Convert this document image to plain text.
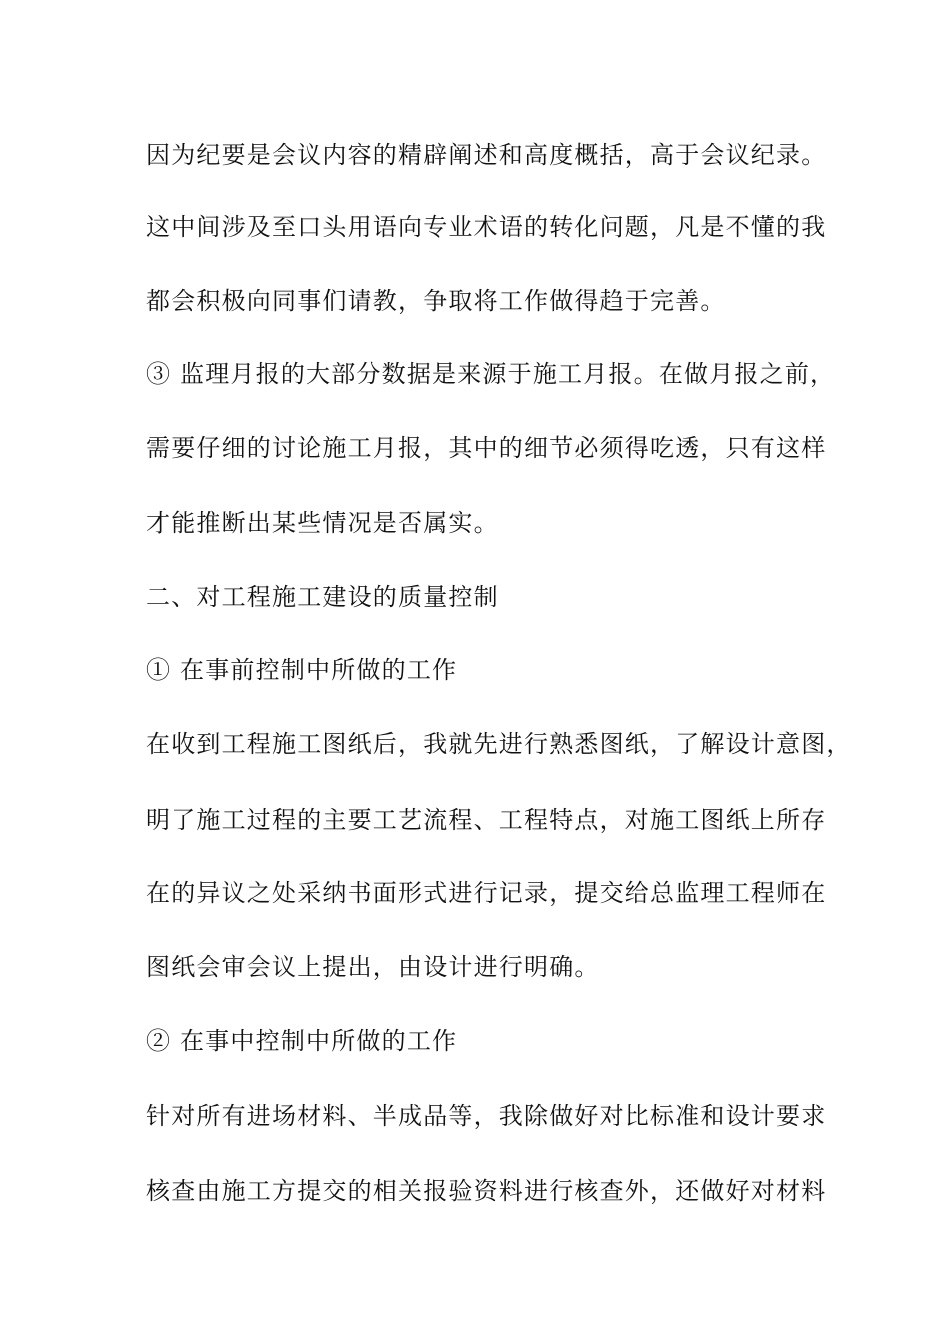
因为纪要是会议内容的精辟阐述和高度概括，高于会议纪录。
这中间涉及至口头用语向专业术语的转化问题，凡是不懂的我
都会积极向同事们请教，争取将工作做得趋于完善。
③ 监理月报的大部分数据是来源于施工月报。在做月报之前，
需要仔细的讨论施工月报，其中的细节必须得吃透，只有这样
才能推断出某些情况是否属实。
二、对工程施工建设的质量控制
① 在事前控制中所做的工作
在收到工程施工图纸后，我就先进行熟悉图纸，了解设计意图，
明了施工过程的主要工艺流程、工程特点，对施工图纸上所存
在的异议之处采纳书面形式进行记录，提交给总监理工程师在
图纸会审会议上提出，由设计进行明确。
② 在事中控制中所做的工作
针对所有进场材料、半成品等，我除做好对比标准和设计要求
核查由施工方提交的相关报验资料进行核查外，还做好对材料
